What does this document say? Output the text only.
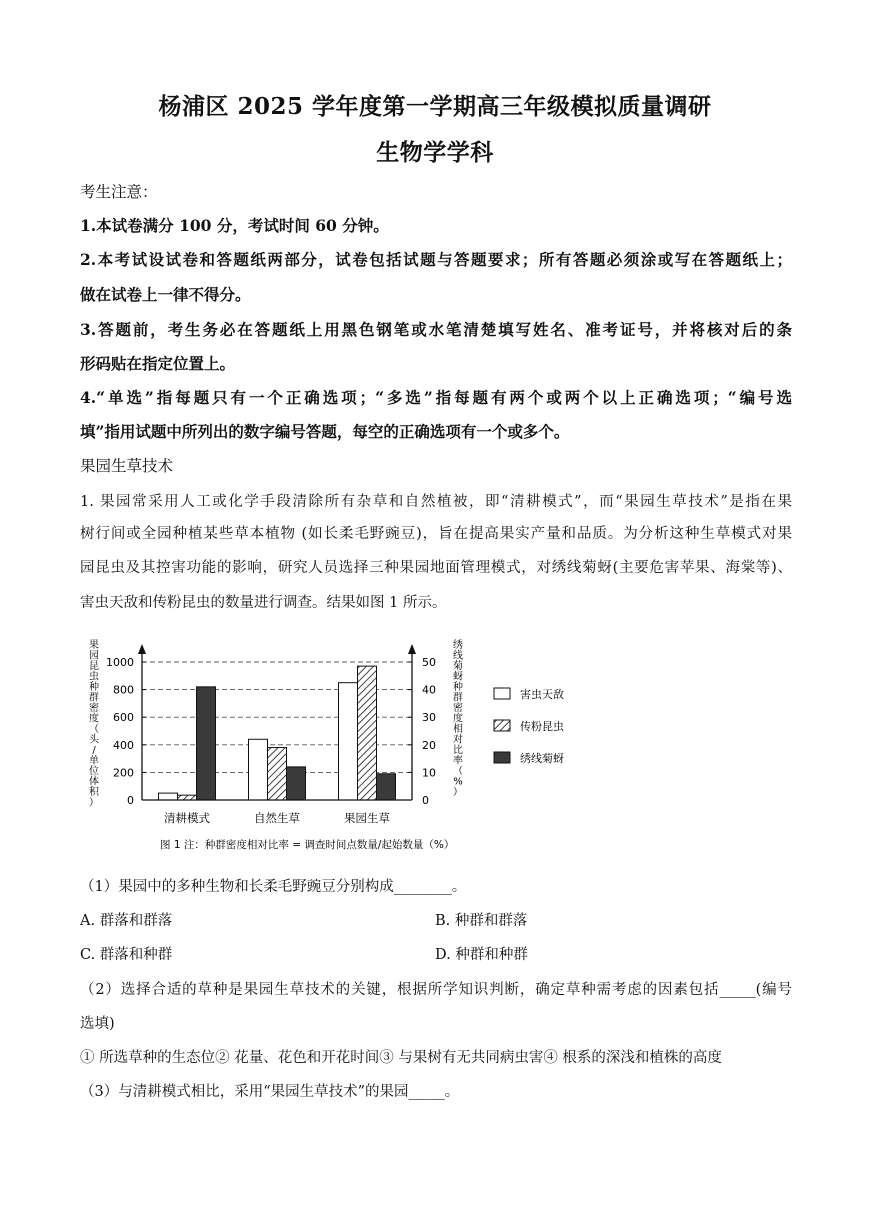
杨浦区 2025 学年度第一学期高三年级模拟质量调研
生物学学科
考生注意：
1.本试卷满分 100 分，考试时间 60 分钟。
2.本考试设试卷和答题纸两部分，试卷包括试题与答题要求；所有答题必须涂或写在答题纸上；
做在试卷上一律不得分。
3.答题前，考生务必在答题纸上用黑色钢笔或水笔清楚填写姓名、准考证号，并将核对后的条
形码贴在指定位置上。
4.“单选”指每题只有一个正确选项；“多选”指每题有两个或两个以上正确选项；“编号选
填”指用试题中所列出的数字编号答题，每空的正确选项有一个或多个。
果园生草技术
1. 果园常采用人工或化学手段清除所有杂草和自然植被，即“清耕模式”，而“果园生草技术”是指在果
树行间或全园种植某些草本植物 (如长柔毛野豌豆)，旨在提高果实产量和品质。为分析这种生草模式对果
园昆虫及其控害功能的影响，研究人员选择三种果园地面管理模式，对绣线菊蚜(主要危害苹果、海棠等)、
害虫天敌和传粉昆虫的数量进行调查。结果如图 1 所示。
0
200
400
600
800
1000
0
10
20
30
40
50
果园昆虫种群密度（头/单位体积）
绣线菊蚜种群密度相对比率（%）
清耕模式	自然生草	果园生草
害虫天敌
传粉昆虫
绣线菊蚜
图 1 注：种群密度相对比率 = 调查时间点数量/起始数量（%）
（1）果园中的多种生物和长柔毛野豌豆分别构成________。
A. 群落和群落	B. 种群和群落
C. 群落和种群	D. 种群和种群
（2）选择合适的草种是果园生草技术的关键，根据所学知识判断，确定草种需考虑的因素包括_____(编号
选填)
① 所选草种的生态位② 花量、花色和开花时间③ 与果树有无共同病虫害④ 根系的深浅和植株的高度
（3）与清耕模式相比，采用“果园生草技术”的果园_____。
